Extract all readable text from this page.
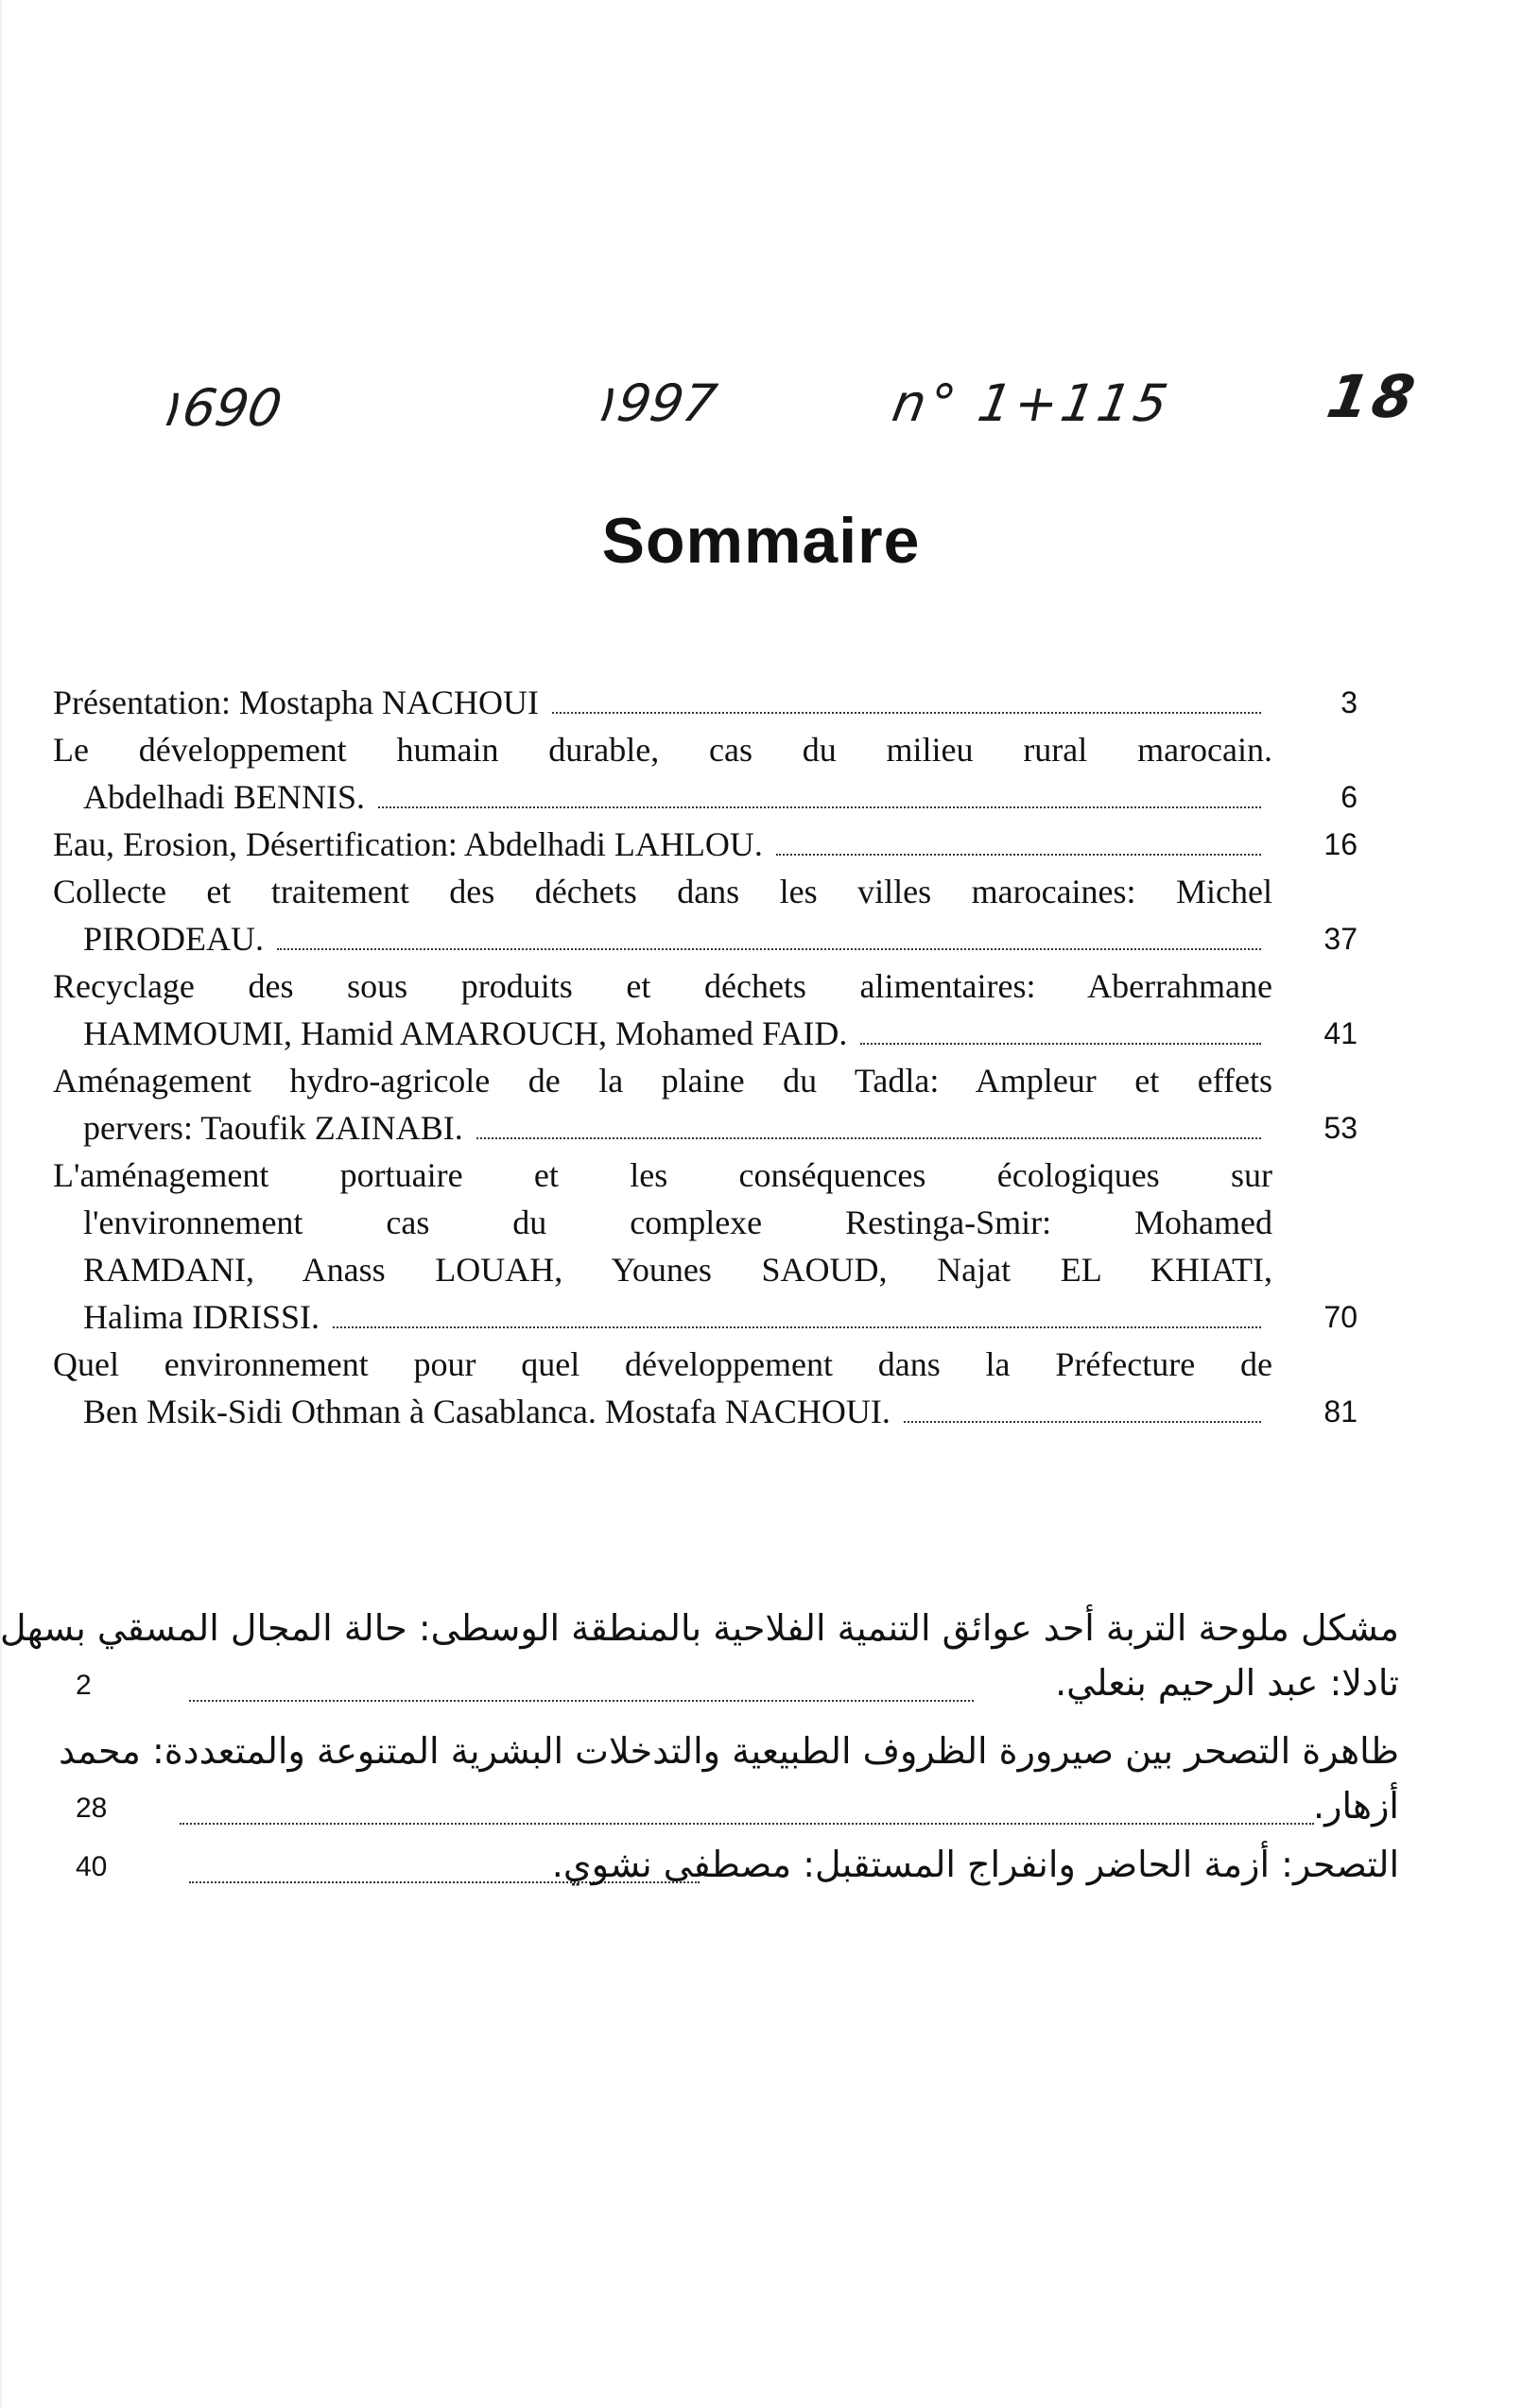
١690	١997	n° 1+115 18
Sommaire
Présentation: Mostapha NACHOUI	3
Le développement humain durable, cas du milieu rural marocain.
Abdelhadi BENNIS.	6
Eau, Erosion, Désertification: Abdelhadi LAHLOU.	16
Collecte et traitement des déchets dans les villes marocaines: Michel
PIRODEAU.	37
Recyclage des sous produits et déchets alimentaires: Aberrahmane
HAMMOUMI, Hamid AMAROUCH, Mohamed FAID.	41
Aménagement hydro-agricole de la plaine du Tadla: Ampleur et effets
pervers: Taoufik ZAINABI.	53
L'aménagement portuaire et les conséquences écologiques sur
l'environnement cas du complexe Restinga-Smir: Mohamed
RAMDANI, Anass LOUAH, Younes SAOUD, Najat EL KHIATI,
Halima IDRISSI.	70
Quel environnement pour quel développement dans la Préfecture de
Ben Msik-Sidi Othman à Casablanca. Mostafa NACHOUI.	81
مشكل ملوحة التربة أحد عوائق التنمية الفلاحية بالمنطقة الوسطى: حالة المجال المسقي بسهل
2	تادلا: عبد الرحيم بنعلي.
ظاهرة التصحر بين صيرورة الظروف الطبيعية والتدخلات البشرية المتنوعة والمتعددة: محمد
28	أزهار.
40	التصحر: أزمة الحاضر وانفراج المستقبل: مصطفى نشوي.
